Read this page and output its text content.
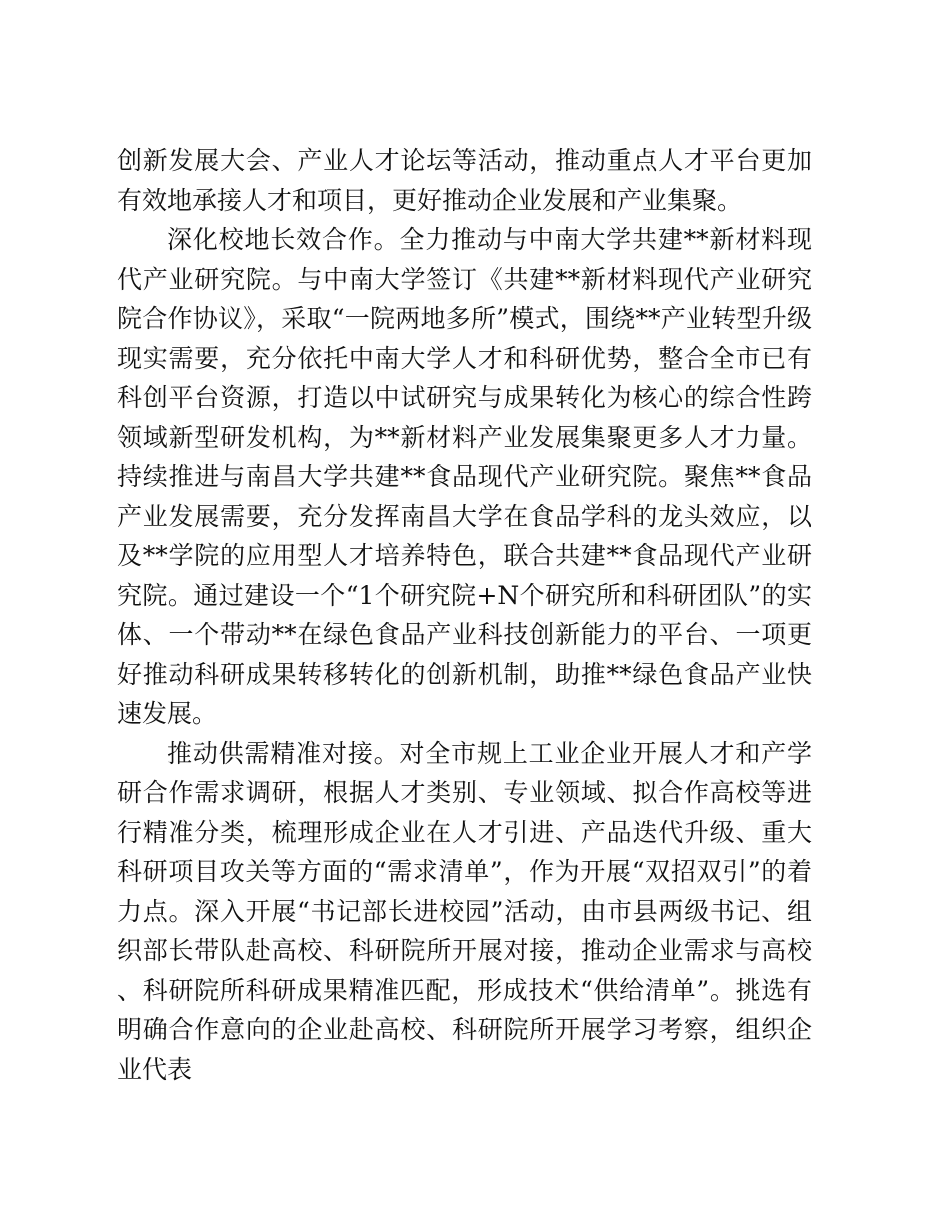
创新发展大会、产业人才论坛等活动，推动重点人才平台更加有效地承接人才和项目，更好推动企业发展和产业集聚。

深化校地长效合作。全力推动与中南大学共建**新材料现代产业研究院。与中南大学签订《共建**新材料现代产业研究院合作协议》，采取“一院两地多所”模式，围绕**产业转型升级现实需要，充分依托中南大学人才和科研优势，整合全市已有科创平台资源，打造以中试研究与成果转化为核心的综合性跨领域新型研发机构，为**新材料产业发展集聚更多人才力量。持续推进与南昌大学共建**食品现代产业研究院。聚焦**食品产业发展需要，充分发挥南昌大学在食品学科的龙头效应，以及**学院的应用型人才培养特色，联合共建**食品现代产业研究院。通过建设一个“1个研究院+N个研究所和科研团队”的实体、一个带动**在绿色食品产业科技创新能力的平台、一项更好推动科研成果转移转化的创新机制，助推**绿色食品产业快速发展。

推动供需精准对接。对全市规上工业企业开展人才和产学研合作需求调研，根据人才类别、专业领域、拟合作高校等进行精准分类，梳理形成企业在人才引进、产品迭代升级、重大科研项目攻关等方面的“需求清单”，作为开展“双招双引”的着力点。深入开展“书记部长进校园”活动，由市县两级书记、组织部长带队赴高校、科研院所开展对接，推动企业需求与高校、科研院所科研成果精准匹配，形成技术“供给清单”。挑选有明确合作意向的企业赴高校、科研院所开展学习考察，组织企业代表
